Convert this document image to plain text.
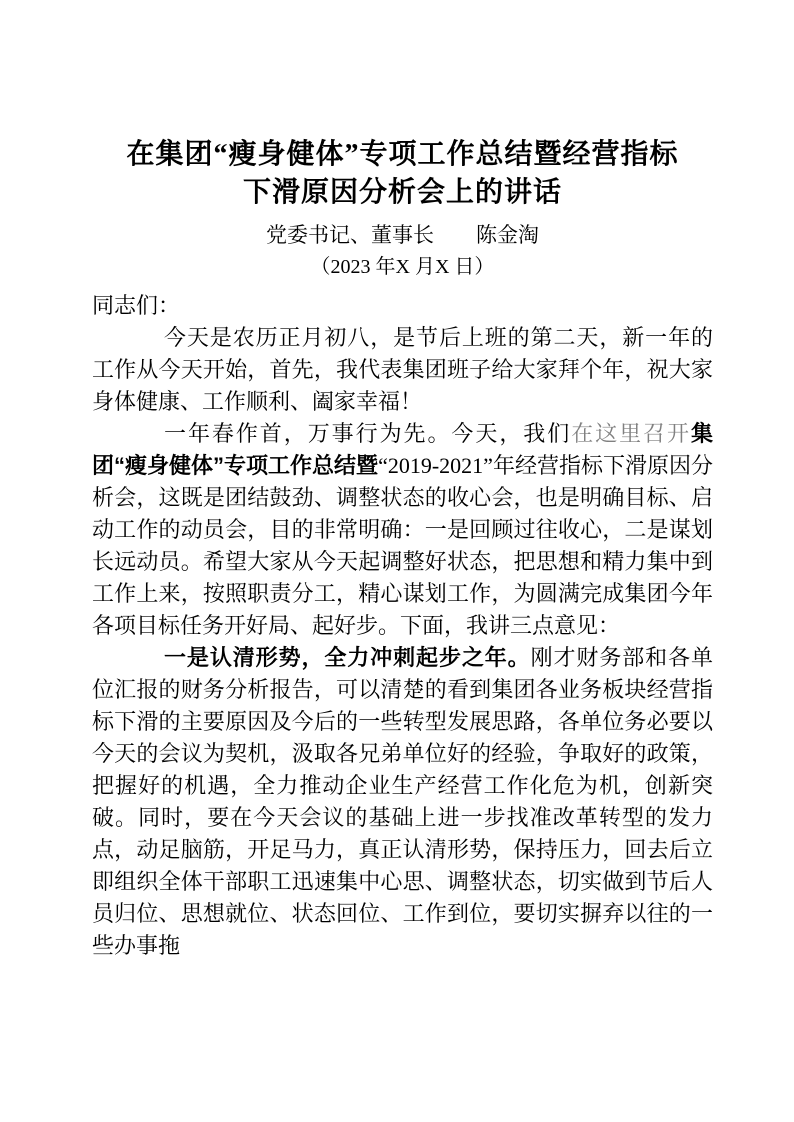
在集团“瘦身健体”专项工作总结暨经营指标
下滑原因分析会上的讲话
党委书记、董事长　　陈金淘
（2023 年X 月X 日）

同志们：

今天是农历正月初八，是节后上班的第二天，新一年的工作从今天开始，首先，我代表集团班子给大家拜个年，祝大家身体健康、工作顺利、阖家幸福！

一年春作首，万事行为先。今天，我们在这里召开集团“瘦身健体”专项工作总结暨“2019-2021”年经营指标下滑原因分析会，这既是团结鼓劲、调整状态的收心会，也是明确目标、启动工作的动员会，目的非常明确：一是回顾过往收心，二是谋划长远动员。希望大家从今天起调整好状态，把思想和精力集中到工作上来，按照职责分工，精心谋划工作，为圆满完成集团今年各项目标任务开好局、起好步。下面，我讲三点意见：

一是认清形势，全力冲刺起步之年。刚才财务部和各单位汇报的财务分析报告，可以清楚的看到集团各业务板块经营指标下滑的主要原因及今后的一些转型发展思路，各单位务必要以今天的会议为契机，汲取各兄弟单位好的经验，争取好的政策，把握好的机遇，全力推动企业生产经营工作化危为机，创新突破。同时，要在今天会议的基础上进一步找准改革转型的发力点，动足脑筋，开足马力，真正认清形势，保持压力，回去后立即组织全体干部职工迅速集中心思、调整状态，切实做到节后人员归位、思想就位、状态回位、工作到位，要切实摒弃以往的一些办事拖
